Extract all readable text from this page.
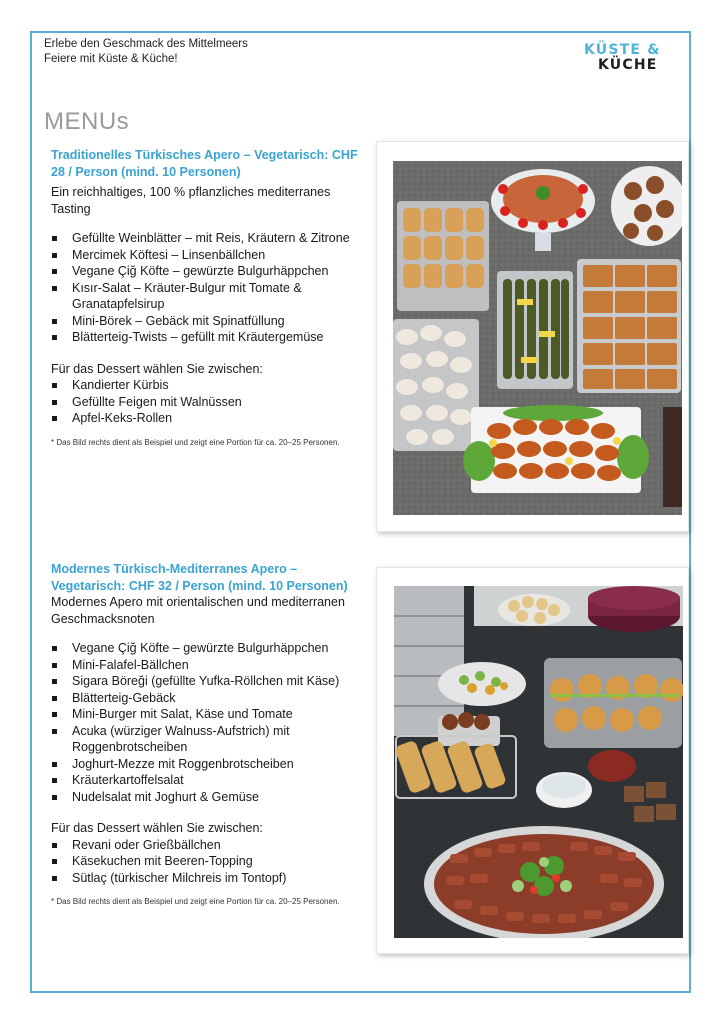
Erlebe den Geschmack des Mittelmeers
Feiere mit Küste & Küche!
KÜSTE &
KÜCHE
MENUs
Traditionelles Türkisches Apero – Vegetarisch: CHF 28 / Person (mind. 10 Personen)
Ein reichhaltiges, 100 % pflanzliches mediterranes Tasting
Gefüllte Weinblätter – mit Reis, Kräutern & Zitrone
Mercimek Köftesi – Linsenbällchen
Vegane Çiğ Köfte – gewürzte Bulgurhäppchen
Kısır-Salat – Kräuter-Bulgur mit Tomate & Granatapfelsirup
Mini-Börek – Gebäck mit Spinatfüllung
Blätterteig-Twists – gefüllt mit Kräutergemüse
Für das Dessert wählen Sie zwischen:
Kandierter Kürbis
Gefüllte Feigen mit Walnüssen
Apfel-Keks-Rollen
* Das Bild rechts dient als Beispiel und zeigt eine Portion für ca. 20–25 Personen.
Modernes Türkisch-Mediterranes Apero – Vegetarisch: CHF 32 / Person (mind. 10 Personen)
Modernes Apero mit orientalischen und mediterranen Geschmacksnoten
Vegane Çiğ Köfte – gewürzte Bulgurhäppchen
Mini-Falafel-Bällchen
Sigara Böreği (gefüllte Yufka-Röllchen mit Käse)
Blätterteig-Gebäck
Mini-Burger mit Salat, Käse und Tomate
Acuka (würziger Walnuss-Aufstrich) mit Roggenbrotscheiben
Joghurt-Mezze mit Roggenbrotscheiben
Kräuterkartoffelsalat
Nudelsalat mit Joghurt & Gemüse
Für das Dessert wählen Sie zwischen:
Revani oder Grießbällchen
Käsekuchen mit Beeren-Topping
Sütlaç (türkischer Milchreis im Tontopf)
* Das Bild rechts dient als Beispiel und zeigt eine Portion für ca. 20–25 Personen.
